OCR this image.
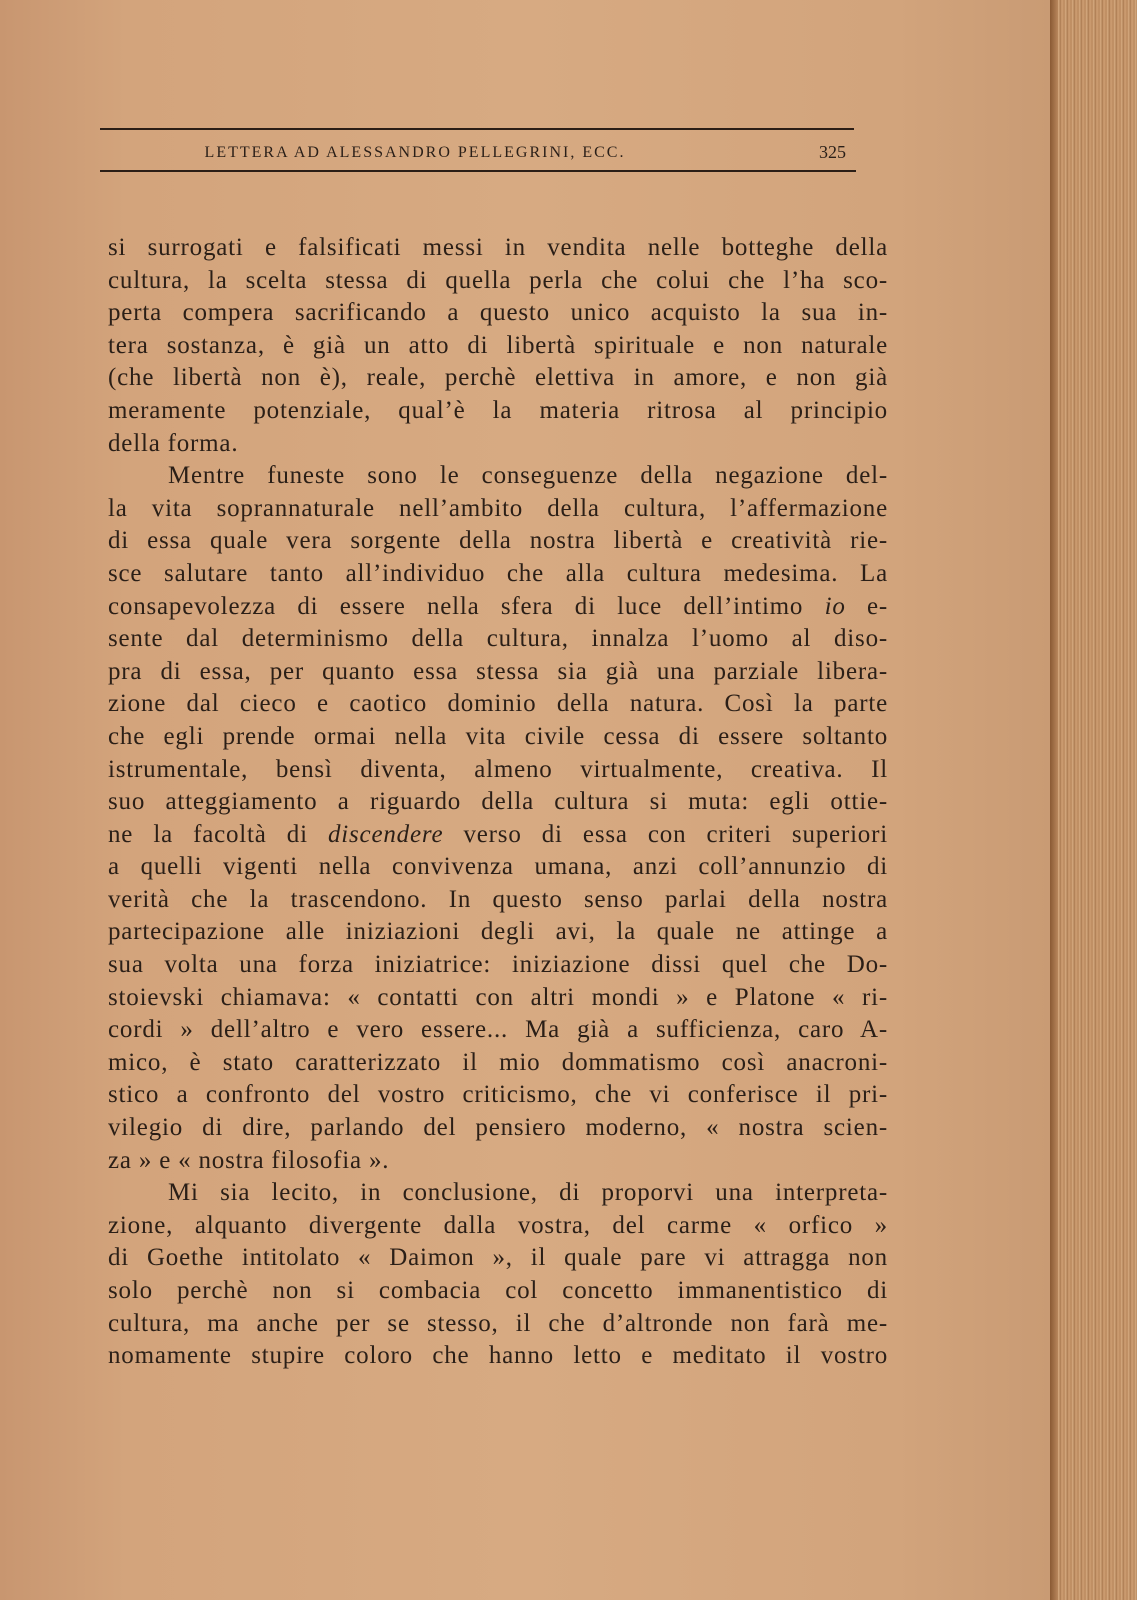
LETTERA AD ALESSANDRO PELLEGRINI, ECC.	325
si surrogati e falsificati messi in vendita nelle botteghe della
cultura, la scelta stessa di quella perla che colui che l’ha sco-
perta compera sacrificando a questo unico acquisto la sua in-
tera sostanza, è già un atto di libertà spirituale e non naturale
(che libertà non è), reale, perchè elettiva in amore, e non già
meramente potenziale, qual’è la materia ritrosa al principio
della forma.
Mentre funeste sono le conseguenze della negazione del-
la vita soprannaturale nell’ambito della cultura, l’affermazione
di essa quale vera sorgente della nostra libertà e creatività rie-
sce salutare tanto all’individuo che alla cultura medesima. La
consapevolezza di essere nella sfera di luce dell’intimo io e-
sente dal determinismo della cultura, innalza l’uomo al diso-
pra di essa, per quanto essa stessa sia già una parziale libera-
zione dal cieco e caotico dominio della natura. Così la parte
che egli prende ormai nella vita civile cessa di essere soltanto
istrumentale, bensì diventa, almeno virtualmente, creativa. Il
suo atteggiamento a riguardo della cultura si muta: egli ottie-
ne la facoltà di discendere verso di essa con criteri superiori
a quelli vigenti nella convivenza umana, anzi coll’annunzio di
verità che la trascendono. In questo senso parlai della nostra
partecipazione alle iniziazioni degli avi, la quale ne attinge a
sua volta una forza iniziatrice: iniziazione dissi quel che Do-
stoievski chiamava: « contatti con altri mondi » e Platone « ri-
cordi » dell’altro e vero essere... Ma già a sufficienza, caro A-
mico, è stato caratterizzato il mio dommatismo così anacroni-
stico a confronto del vostro criticismo, che vi conferisce il pri-
vilegio di dire, parlando del pensiero moderno, « nostra scien-
za » e « nostra filosofia ».
Mi sia lecito, in conclusione, di proporvi una interpreta-
zione, alquanto divergente dalla vostra, del carme « orfico »
di Goethe intitolato « Daimon », il quale pare vi attragga non
solo perchè non si combacia col concetto immanentistico di
cultura, ma anche per se stesso, il che d’altronde non farà me-
nomamente stupire coloro che hanno letto e meditato il vostro
